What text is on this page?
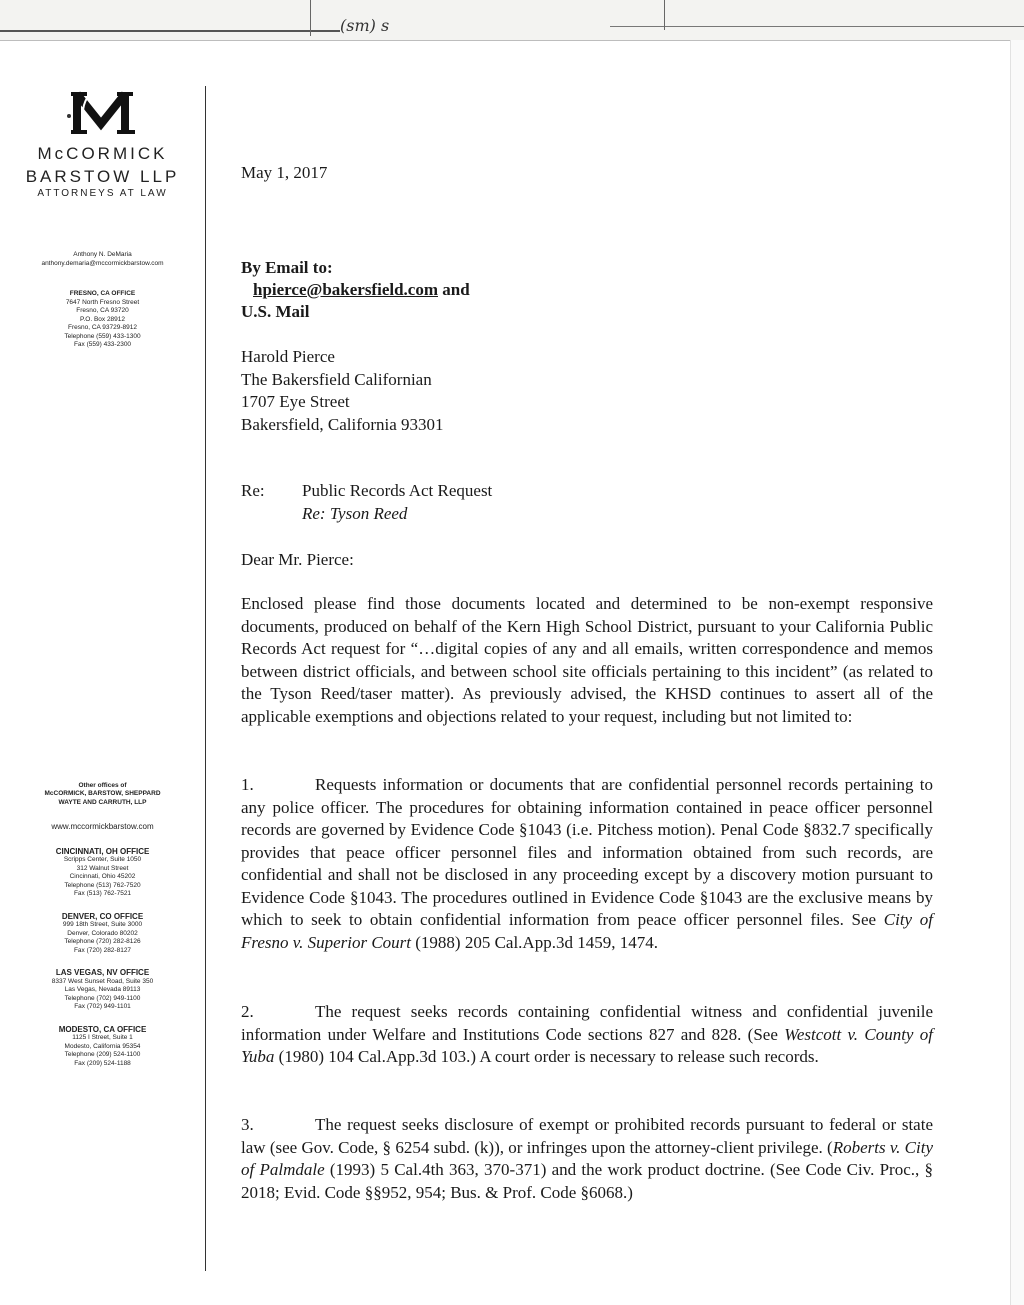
(sm) s
McCORMICK
BARSTOW LLP
ATTORNEYS AT LAW
Anthony N. DeMaria
anthony.demaria@mccormickbarstow.com
FRESNO, CA OFFICE
7647 North Fresno Street
Fresno, CA 93720
P.O. Box 28912
Fresno, CA 93729-8912
Telephone (559) 433-1300
Fax (559) 433-2300
Other offices of
McCORMICK, BARSTOW, SHEPPARD
WAYTE AND CARRUTH, LLP
www.mccormickbarstow.com
CINCINNATI, OH OFFICE
Scripps Center, Suite 1050
312 Walnut Street
Cincinnati, Ohio 45202
Telephone (513) 762-7520
Fax (513) 762-7521
DENVER, CO OFFICE
999 18th Street, Suite 3000
Denver, Colorado 80202
Telephone (720) 282-8126
Fax (720) 282-8127
LAS VEGAS, NV OFFICE
8337 West Sunset Road, Suite 350
Las Vegas, Nevada 89113
Telephone (702) 949-1100
Fax (702) 949-1101
MODESTO, CA OFFICE
1125 I Street, Suite 1
Modesto, California 95354
Telephone (209) 524-1100
Fax (209) 524-1188
May 1, 2017
By Email to:
hpierce@bakersfield.com and
U.S. Mail
Harold Pierce
The Bakersfield Californian
1707 Eye Street
Bakersfield, California 93301
Re: Public Records Act Request
Re: Tyson Reed
Dear Mr. Pierce:
Enclosed please find those documents located and determined to be non-exempt responsive documents, produced on behalf of the Kern High School District, pursuant to your California Public Records Act request for “…digital copies of any and all emails, written correspondence and memos between district officials, and between school site officials pertaining to this incident” (as related to the Tyson Reed/taser matter). As previously advised, the KHSD continues to assert all of the applicable exemptions and objections related to your request, including but not limited to:
1.	Requests information or documents that are confidential personnel records pertaining to any police officer. The procedures for obtaining information contained in peace officer personnel records are governed by Evidence Code §1043 (i.e. Pitchess motion). Penal Code §832.7 specifically provides that peace officer personnel files and information obtained from such records, are confidential and shall not be disclosed in any proceeding except by a discovery motion pursuant to Evidence Code §1043. The procedures outlined in Evidence Code §1043 are the exclusive means by which to seek to obtain confidential information from peace officer personnel files. See City of Fresno v. Superior Court (1988) 205 Cal.App.3d 1459, 1474.
2.	The request seeks records containing confidential witness and confidential juvenile information under Welfare and Institutions Code sections 827 and 828. (See Westcott v. County of Yuba (1980) 104 Cal.App.3d 103.) A court order is necessary to release such records.
3.	The request seeks disclosure of exempt or prohibited records pursuant to federal or state law (see Gov. Code, § 6254 subd. (k)), or infringes upon the attorney-client privilege. (Roberts v. City of Palmdale (1993) 5 Cal.4th 363, 370-371) and the work product doctrine. (See Code Civ. Proc., § 2018; Evid. Code §§952, 954; Bus. & Prof. Code §6068.)
